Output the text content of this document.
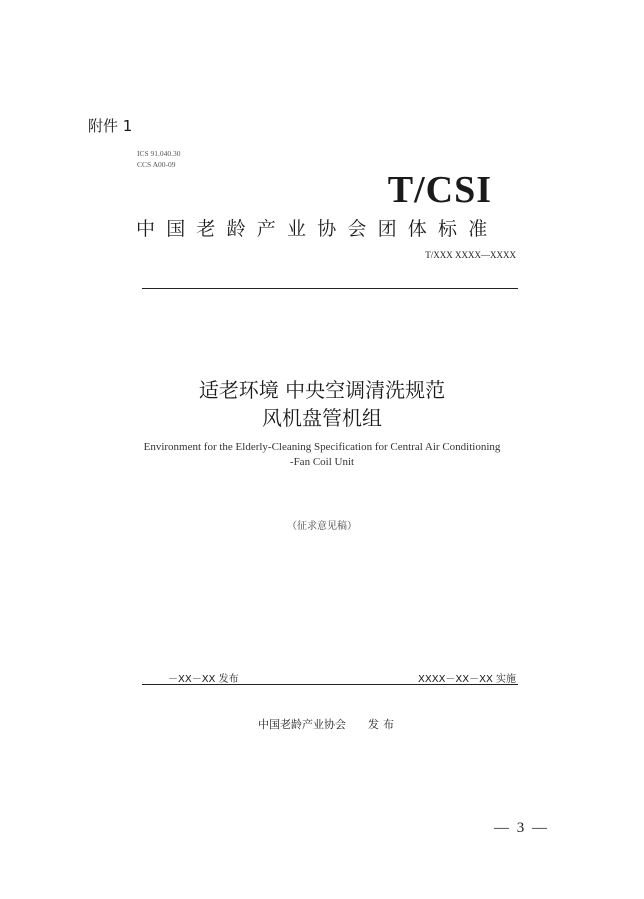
附件 1
ICS 91.040.30
CCS A00-09
T/CSI
中国老龄产业协会团体标准
T/XXX XXXX—XXXX
适老环境 中央空调清洗规范
风机盘管机组
Environment for the Elderly-Cleaning Specification for Central Air Conditioning
-Fan Coil Unit
（征求意见稿）
－XX－XX 发布	XXXX－XX－XX 实施
中国老龄产业协会 发布
— 3 —
